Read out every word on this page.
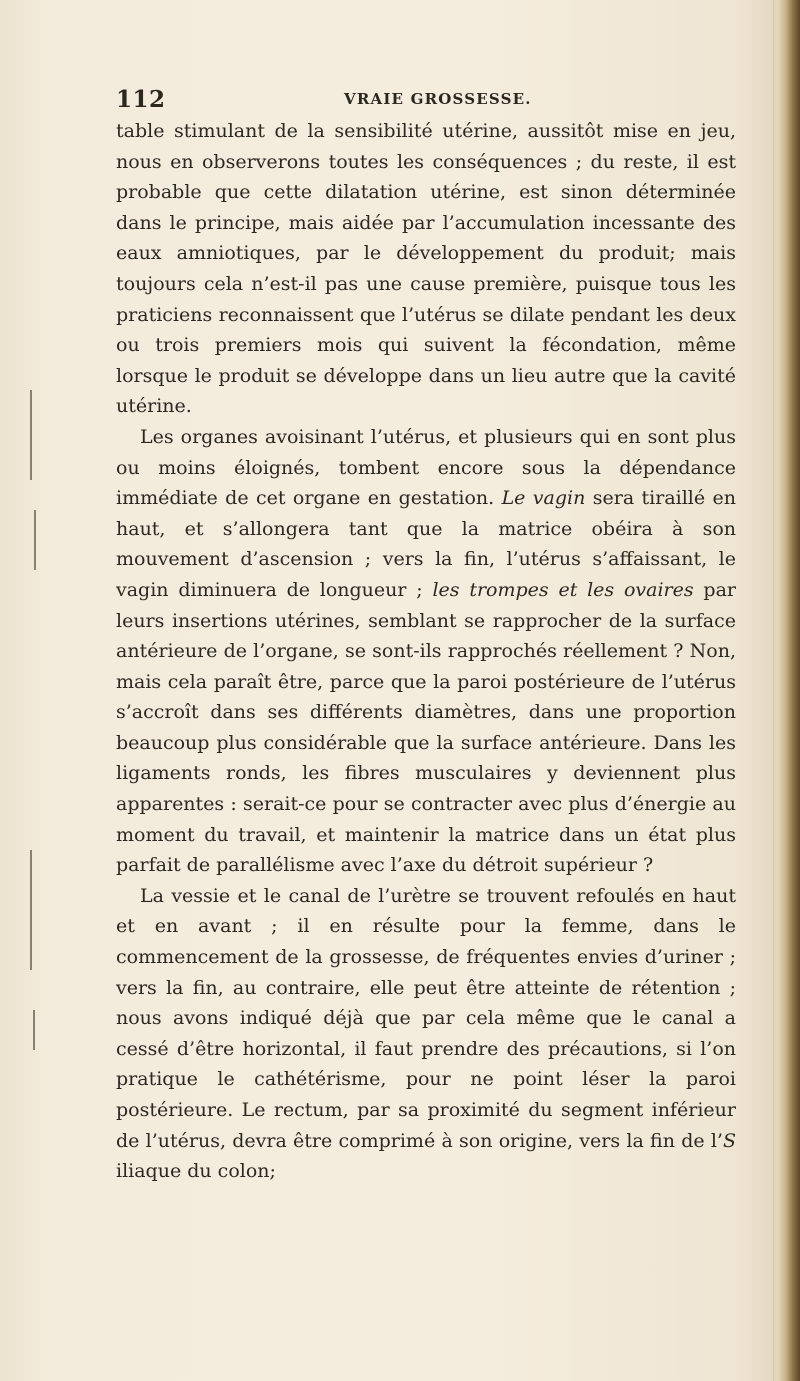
112	VRAIE GROSSESSE.

table stimulant de la sensibilité utérine, aussitôt mise en jeu, nous en observerons toutes les conséquences ; du reste, il est probable que cette dilatation utérine, est sinon déterminée dans le principe, mais aidée par l’accumulation incessante des eaux amniotiques, par le développement du produit; mais toujours cela n’est-il pas une cause première, puisque tous les praticiens reconnaissent que l’utérus se dilate pendant les deux ou trois premiers mois qui suivent la fécondation, même lorsque le produit se développe dans un lieu autre que la cavité utérine.

Les organes avoisinant l’utérus, et plusieurs qui en sont plus ou moins éloignés, tombent encore sous la dépendance immédiate de cet organe en gestation. Le vagin sera tiraillé en haut, et s’allongera tant que la matrice obéira à son mouvement d’ascension ; vers la fin, l’utérus s’affaissant, le vagin diminuera de longueur ; les trompes et les ovaires par leurs insertions utérines, semblant se rapprocher de la surface antérieure de l’organe, se sont-ils rapprochés réellement ? Non, mais cela paraît être, parce que la paroi postérieure de l’utérus s’accroît dans ses différents diamètres, dans une proportion beaucoup plus considérable que la surface antérieure. Dans les ligaments ronds, les fibres musculaires y deviennent plus apparentes : serait-ce pour se contracter avec plus d’énergie au moment du travail, et maintenir la matrice dans un état plus parfait de parallélisme avec l’axe du détroit supérieur ?

La vessie et le canal de l’urètre se trouvent refoulés en haut et en avant ; il en résulte pour la femme, dans le commencement de la grossesse, de fréquentes envies d’uriner ; vers la fin, au contraire, elle peut être atteinte de rétention ; nous avons indiqué déjà que par cela même que le canal a cessé d’être horizontal, il faut prendre des précautions, si l’on pratique le cathétérisme, pour ne point léser la paroi postérieure. Le rectum, par sa proximité du segment inférieur de l’utérus, devra être comprimé à son origine, vers la fin de l’S iliaque du colon;
